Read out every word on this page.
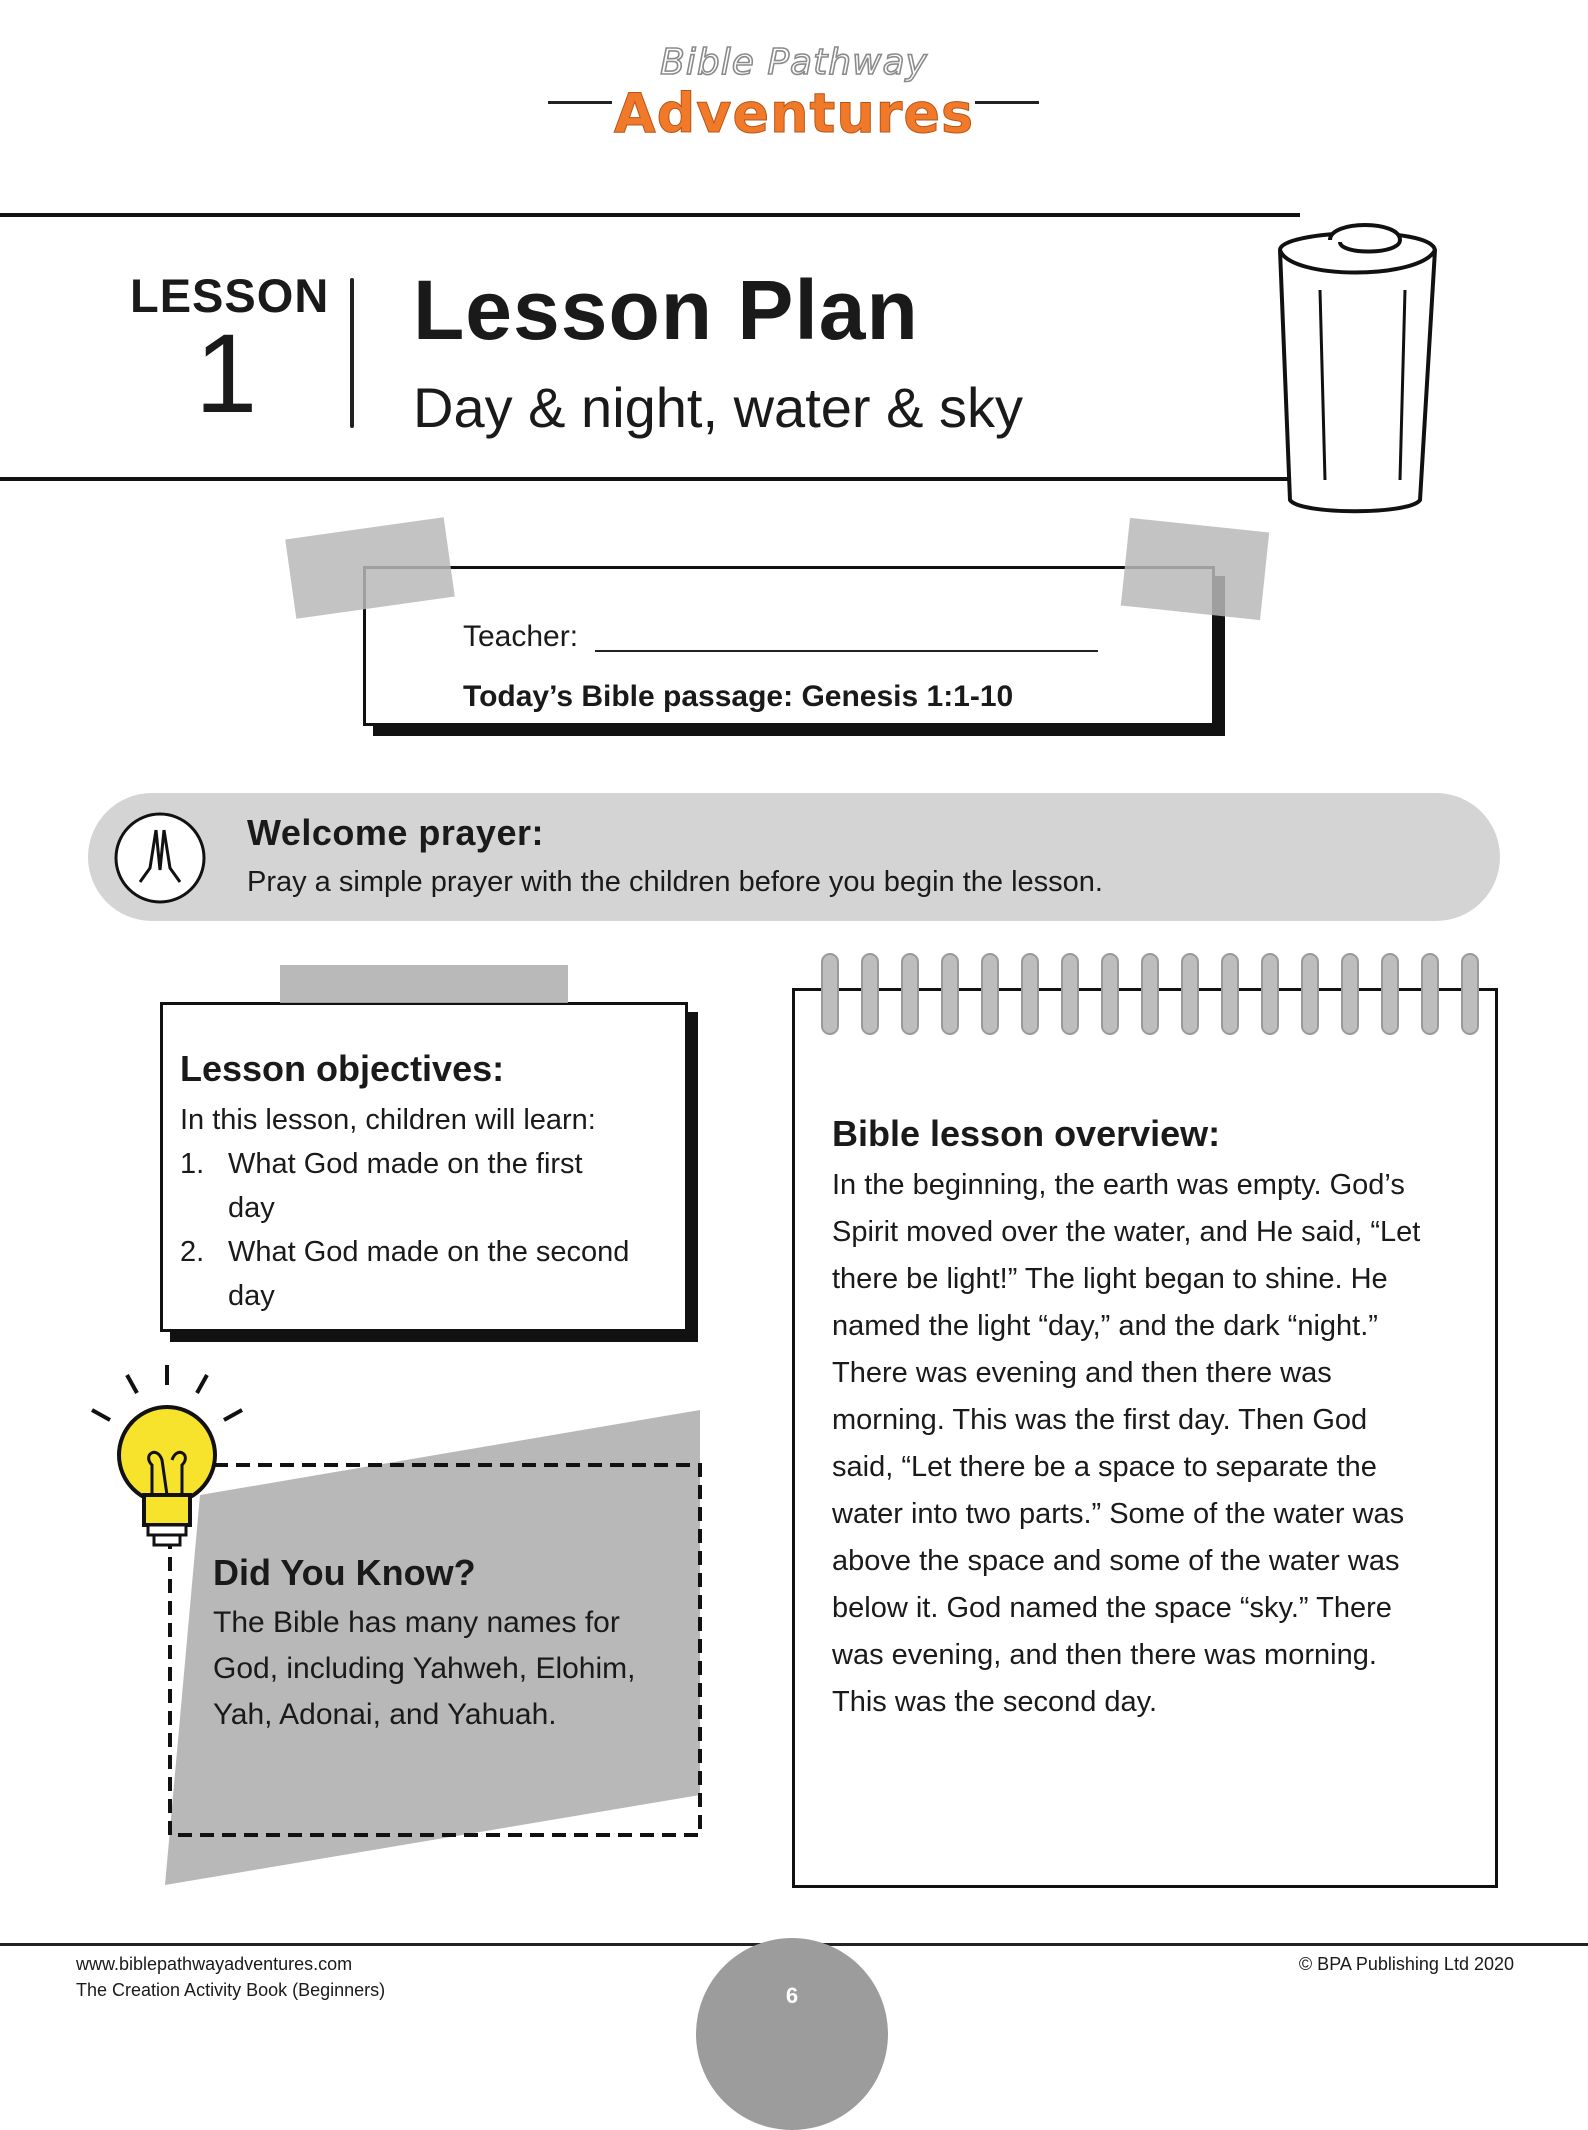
Bible Pathway
Adventures
LESSON
1
Lesson Plan
Day & night, water & sky
Teacher:
Today’s Bible passage: Genesis 1:1-10
Welcome prayer:
Pray a simple prayer with the children before you begin the lesson.
Lesson objectives:
In this lesson, children will learn:
1. What God made on the first
day
2. What God made on the second
day
Did You Know?
The Bible has many names for
God, including Yahweh, Elohim,
Yah, Adonai, and Yahuah.
Bible lesson overview:
In the beginning, the earth was empty. God’s
Spirit moved over the water, and He said, “Let
there be light!” The light began to shine. He
named the light “day,” and the dark “night.”
There was evening and then there was
morning. This was the first day. Then God
said, “Let there be a space to separate the
water into two parts.” Some of the water was
above the space and some of the water was
below it. God named the space “sky.” There
was evening, and then there was morning.
This was the second day.
www.biblepathwayadventures.com
The Creation Activity Book (Beginners)
© BPA Publishing Ltd 2020
6
